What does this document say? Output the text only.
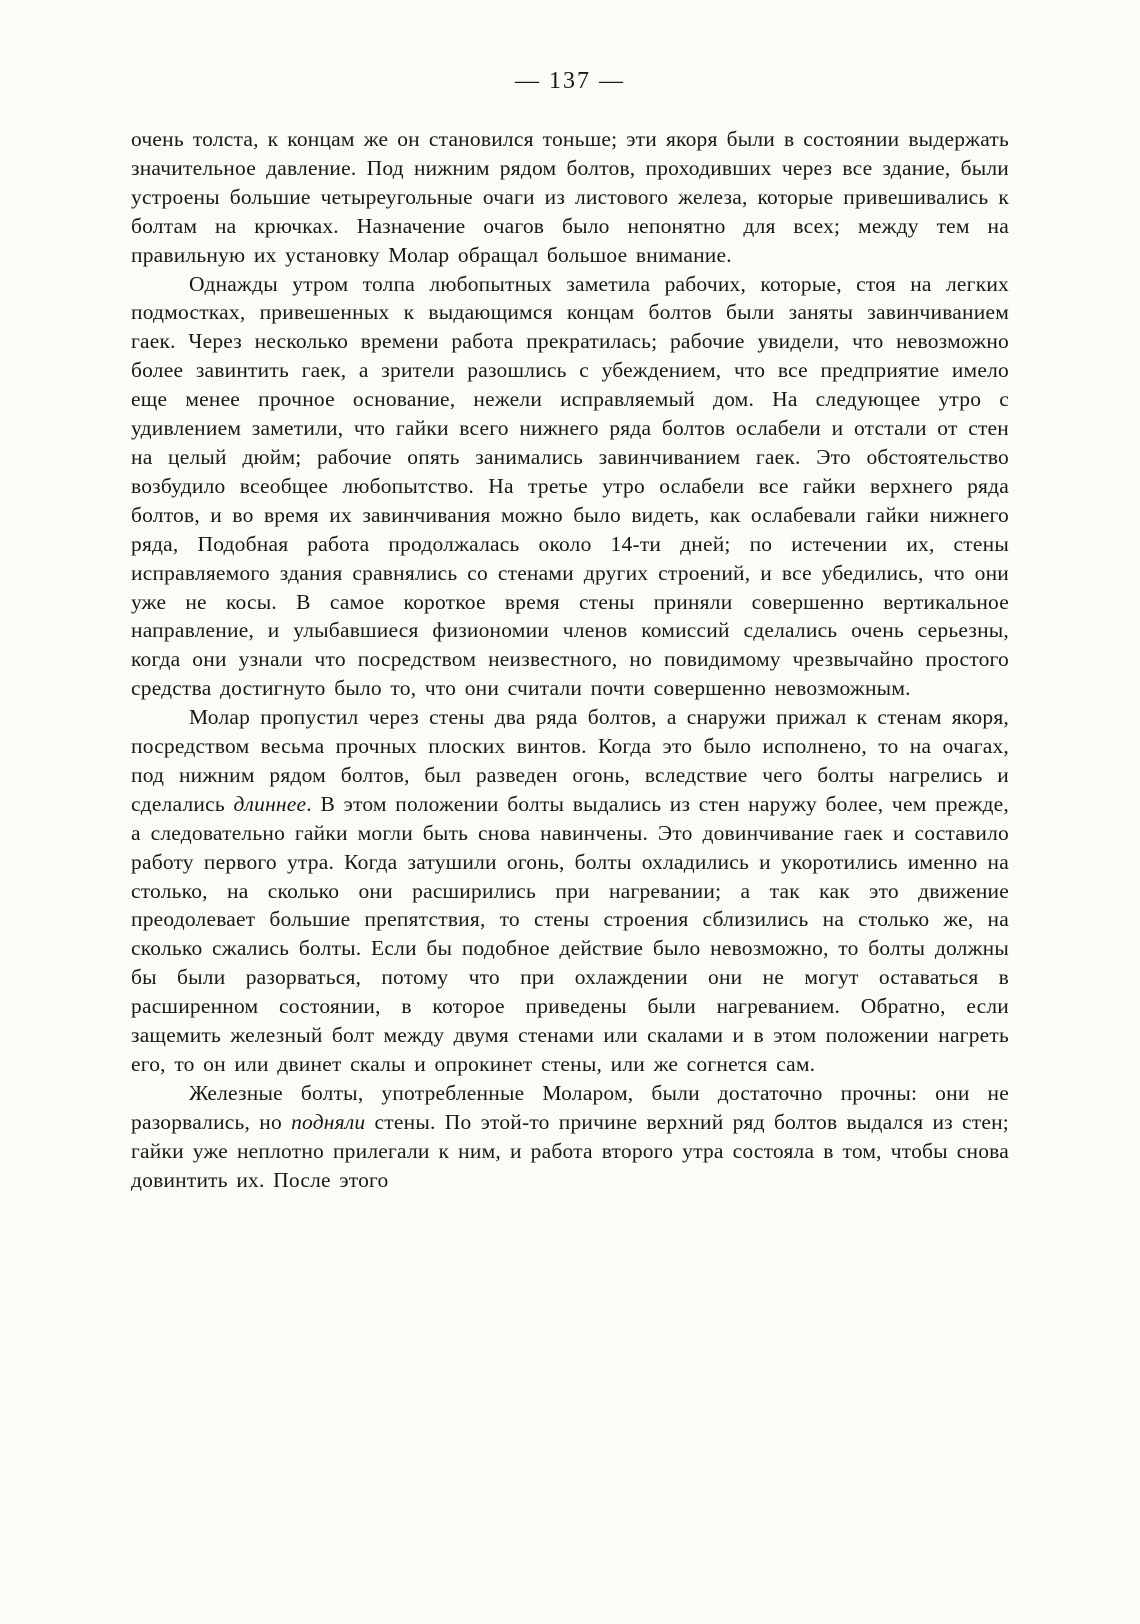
— 137 —

очень толста, к концам же он становился тоньше; эти якоря были в состоянии выдержать значительное давление. Под нижним рядом болтов, проходивших через все здание, были устроены большие четыреугольные очаги из листового железа, которые привешивались к болтам на крючках. Назначение очагов было непонятно для всех; между тем на правильную их установку Молар обращал большое внимание.

Однажды утром толпа любопытных заметила рабочих, которые, стоя на легких подмостках, привешенных к выдающимся концам болтов были заняты завинчиванием гаек. Через несколько времени работа прекратилась; рабочие увидели, что невозможно более завинтить гаек, а зрители разошлись с убеждением, что все предприятие имело еще менее прочное основание, нежели исправляемый дом. На следующее утро с удивлением заметили, что гайки всего нижнего ряда болтов ослабели и отстали от стен на целый дюйм; рабочие опять занимались завинчиванием гаек. Это обстоятельство возбудило всеобщее любопытство. На третье утро ослабели все гайки верхнего ряда болтов, и во время их завинчивания можно было видеть, как ослабевали гайки нижнего ряда, Подобная работа продолжалась около 14-ти дней; по истечении их, стены исправляемого здания сравнялись со стенами других строений, и все убедились, что они уже не косы. В самое короткое время стены приняли совершенно вертикальное направление, и улыбавшиеся физиономии членов комиссий сделались очень серьезны, когда они узнали что посредством неизвестного, но повидимому чрезвычайно простого средства достигнуто было то, что они считали почти совершенно невозможным.

Молар пропустил через стены два ряда болтов, а снаружи прижал к стенам якоря, посредством весьма прочных плоских винтов. Когда это было исполнено, то на очагах, под нижним рядом болтов, был разведен огонь, вследствие чего болты нагрелись и сделались длиннее. В этом положении болты выдались из стен наружу более, чем прежде, а следовательно гайки могли быть снова навинчены. Это довинчивание гаек и составило работу первого утра. Когда затушили огонь, болты охладились и укоротились именно на столько, на сколько они расширились при нагревании; а так как это движение преодолевает большие препятствия, то стены строения сблизились на столько же, на сколько сжались болты. Если бы подобное действие было невозможно, то болты должны бы были разорваться, потому что при охлаждении они не могут оставаться в расширенном состоянии, в которое приведены были нагреванием. Обратно, если защемить железный болт между двумя стенами или скалами и в этом положении нагреть его, то он или двинет скалы и опрокинет стены, или же согнется сам.

Железные болты, употребленные Моларом, были достаточно прочны: они не разорвались, но подняли стены. По этой-то причине верхний ряд болтов выдался из стен; гайки уже неплотно прилегали к ним, и работа второго утра состояла в том, чтобы снова довинтить их. После этого
